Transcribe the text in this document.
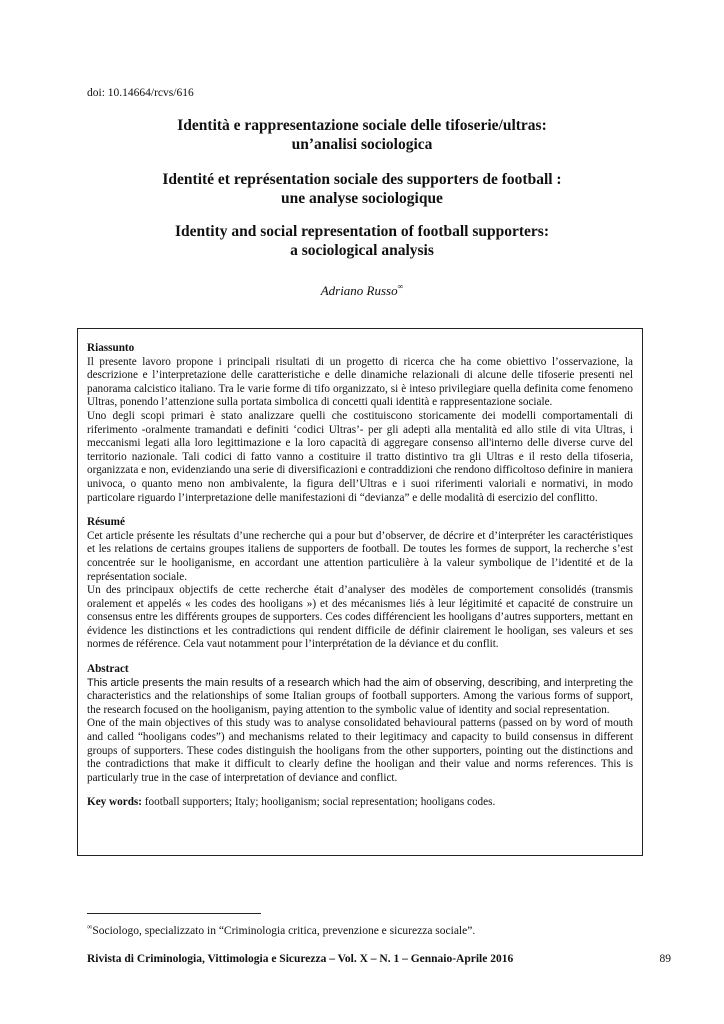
doi: 10.14664/rcvs/616
Identità e rappresentazione sociale delle tifoserie/ultras:
un’analisi sociologica
Identité et représentation sociale des supporters de football :
une analyse sociologique
Identity and social representation of football supporters:
a sociological analysis
Adriano Russo∞

Riassunto

Il presente lavoro propone i principali risultati di un progetto di ricerca che ha come obiettivo l’osservazione, la descrizione e l’interpretazione delle caratteristiche e delle dinamiche relazionali di alcune delle tifoserie presenti nel panorama calcistico italiano. Tra le varie forme di tifo organizzato, si è inteso privilegiare quella definita come fenomeno Ultras, ponendo l’attenzione sulla portata simbolica di concetti quali identità e rappresentazione sociale.

Uno degli scopi primari è stato analizzare quelli che costituiscono storicamente dei modelli comportamentali di riferimento -oralmente tramandati e definiti ‘codici Ultras’- per gli adepti alla mentalità ed allo stile di vita Ultras, i meccanismi legati alla loro legittimazione e la loro capacità di aggregare consenso all'interno delle diverse curve del territorio nazionale. Tali codici di fatto vanno a costituire il tratto distintivo tra gli Ultras e il resto della tifoseria, organizzata e non, evidenziando una serie di diversificazioni e contraddizioni che rendono difficoltoso definire in maniera univoca, o quanto meno non ambivalente, la figura dell’Ultras e i suoi riferimenti valoriali e normativi, in modo particolare riguardo l’interpretazione delle manifestazioni di “devianza” e delle modalità di esercizio del conflitto.

Résumé

Cet article présente les résultats d’une recherche qui a pour but d’observer, de décrire et d’interpréter les caractéristiques et les relations de certains groupes italiens de supporters de football. De toutes les formes de support, la recherche s’est concentrée sur le hooliganisme, en accordant une attention particulière à la valeur symbolique de l’identité et de la représentation sociale.

Un des principaux objectifs de cette recherche était d’analyser des modèles de comportement consolidés (transmis oralement et appelés « les codes des hooligans ») et des mécanismes liés à leur légitimité et capacité de construire un consensus entre les différents groupes de supporters. Ces codes différencient les hooligans d’autres supporters, mettant en évidence les distinctions et les contradictions qui rendent difficile de définir clairement le hooligan, ses valeurs et ses normes de référence. Cela vaut notamment pour l’interprétation de la déviance et du conflit.

Abstract

This article presents the main results of a research which had the aim of observing, describing, and interpreting the characteristics and the relationships of some Italian groups of football supporters. Among the various forms of support, the research focused on the hooliganism, paying attention to the symbolic value of identity and social representation.

One of the main objectives of this study was to analyse consolidated behavioural patterns (passed on by word of mouth and called “hooligans codes”) and mechanisms related to their legitimacy and capacity to build consensus in different groups of supporters. These codes distinguish the hooligans from the other supporters, pointing out the distinctions and the contradictions that make it difficult to clearly define the hooligan and their value and norms references. This is particularly true in the case of interpretation of deviance and conflict.

Key words: football supporters; Italy; hooliganism; social representation; hooligans codes.

∞Sociologo, specializzato in “Criminologia critica, prevenzione e sicurezza sociale”.
Rivista di Criminologia, Vittimologia e Sicurezza – Vol. X – N. 1 – Gennaio-Aprile 2016	89
